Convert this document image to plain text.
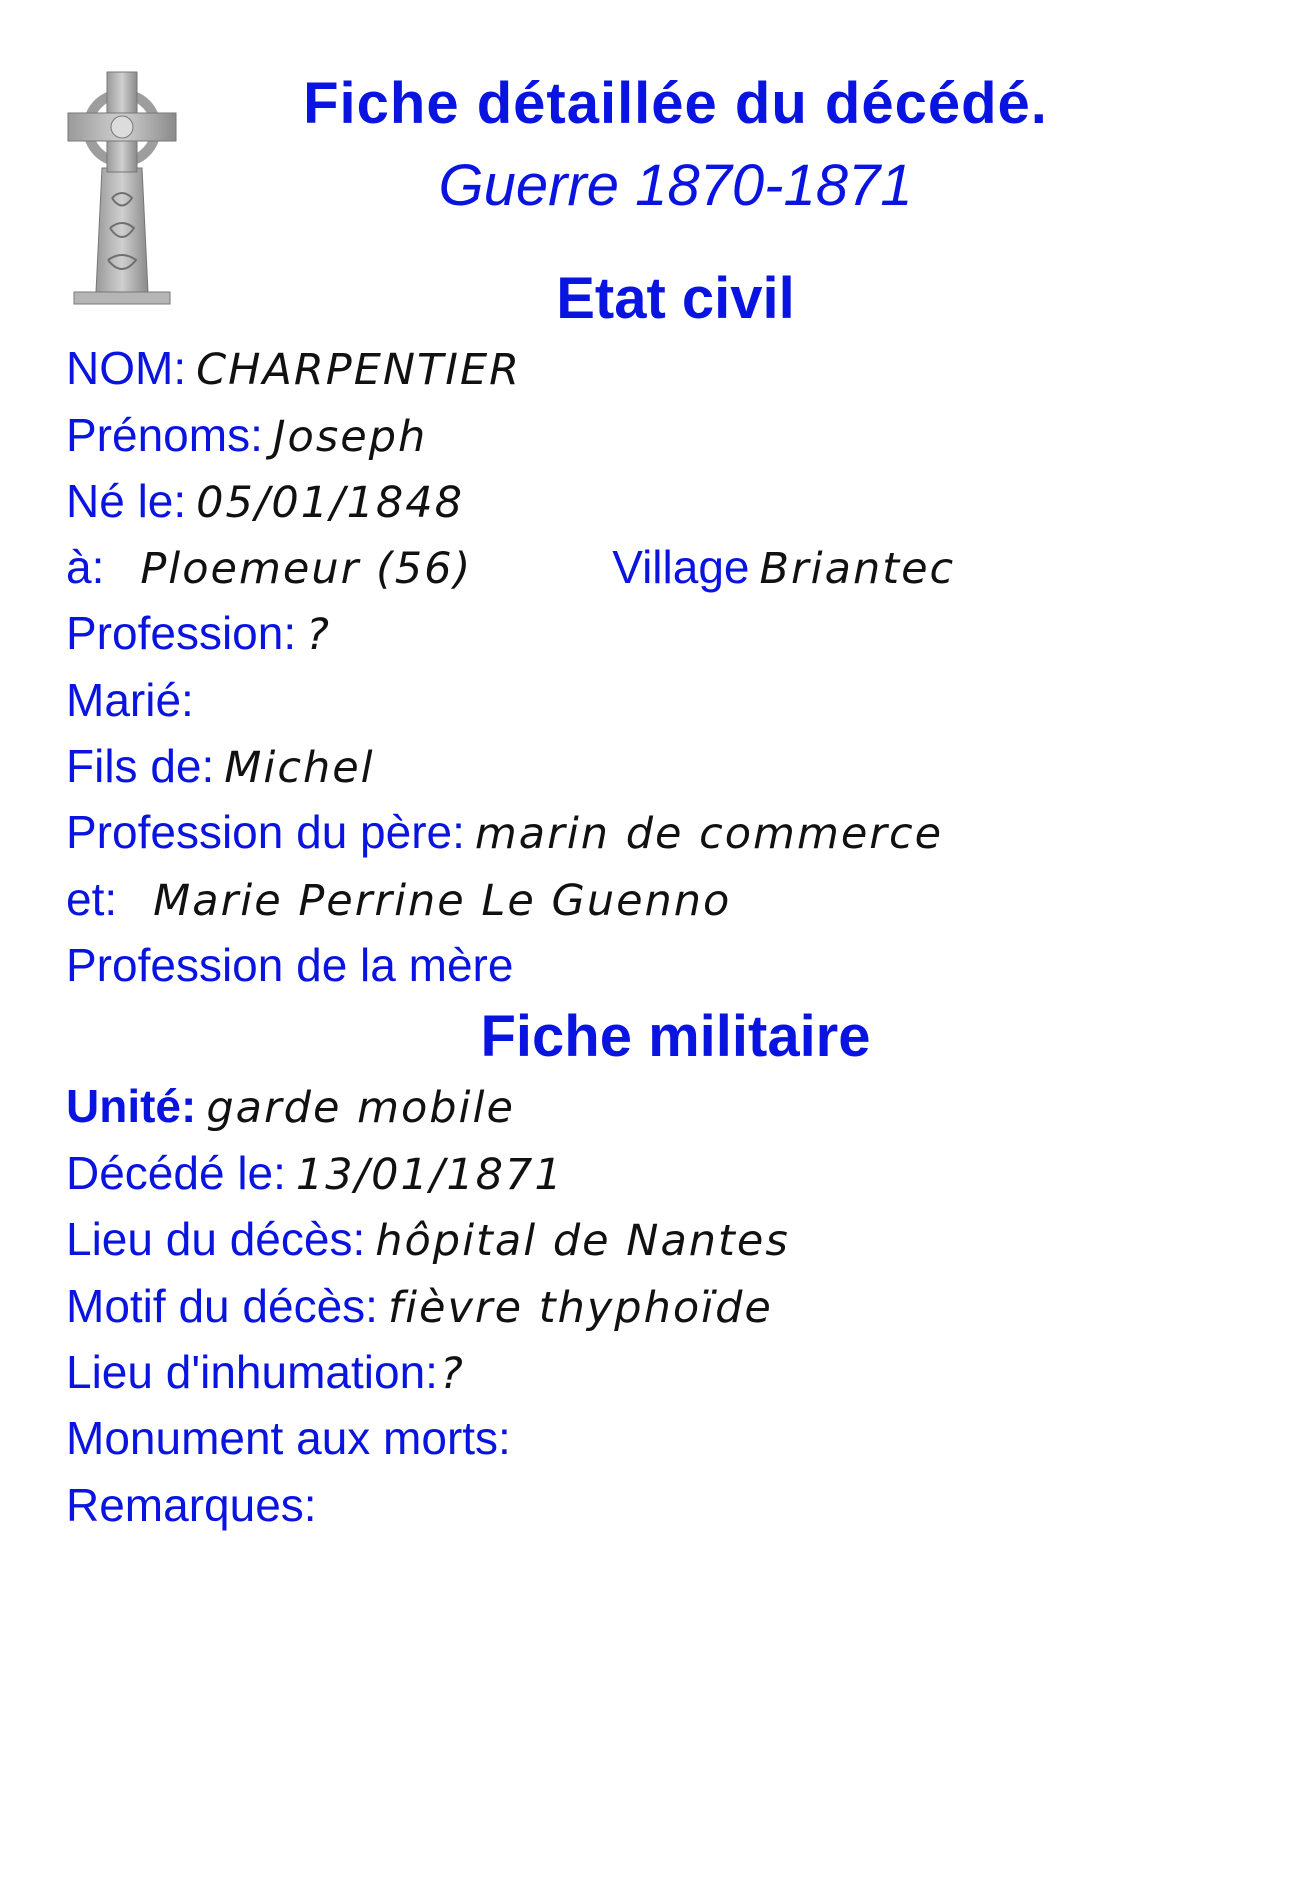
Fiche détaillée du décédé.
Guerre 1870-1871
Etat civil
NOM: CHARPENTIER
Prénoms: Joseph
Né le: 05/01/1848
à: Ploemeur (56)	Village Briantec
Profession: ?
Marié:
Fils de: Michel
Profession du père: marin de commerce
et: Marie Perrine Le Guenno
Profession de la mère
Fiche militaire
Unité: garde mobile
Décédé le: 13/01/1871
Lieu du décès: hôpital de Nantes
Motif du décès: fièvre thyphoïde
Lieu d'inhumation:?
Monument aux morts:
Remarques:
